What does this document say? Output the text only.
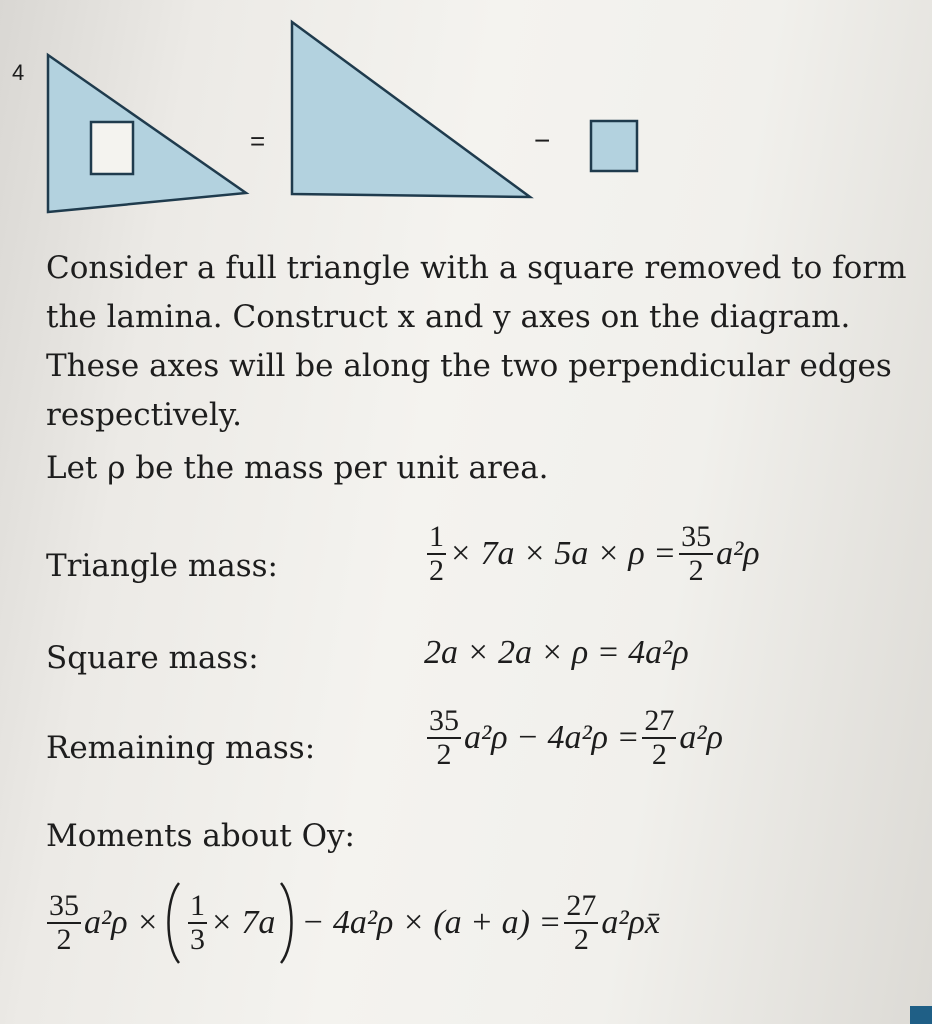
4
=	−

Consider a full triangle with a square removed to form the lamina. Construct x and y axes on the diagram. These axes will be along the two perpendicular edges respectively.

Let ρ be the mass per unit area.

Triangle mass:	$\frac{1}{2} \times 7a \times 5a \times \rho = \frac{35}{2} a^2\rho$
Square mass:	2a × 2a × ρ = 4a²ρ
Remaining mass:	$\frac{35}{2} a^2\rho - 4a^2\rho = \frac{27}{2} a^2\rho$
Moments about Oy:
$\frac{35}{2} a^2\rho \times \frac{1}{3} \times 7a - 4a^2\rho \times (a + a) = \frac{27}{2}$ a²ρx̄
